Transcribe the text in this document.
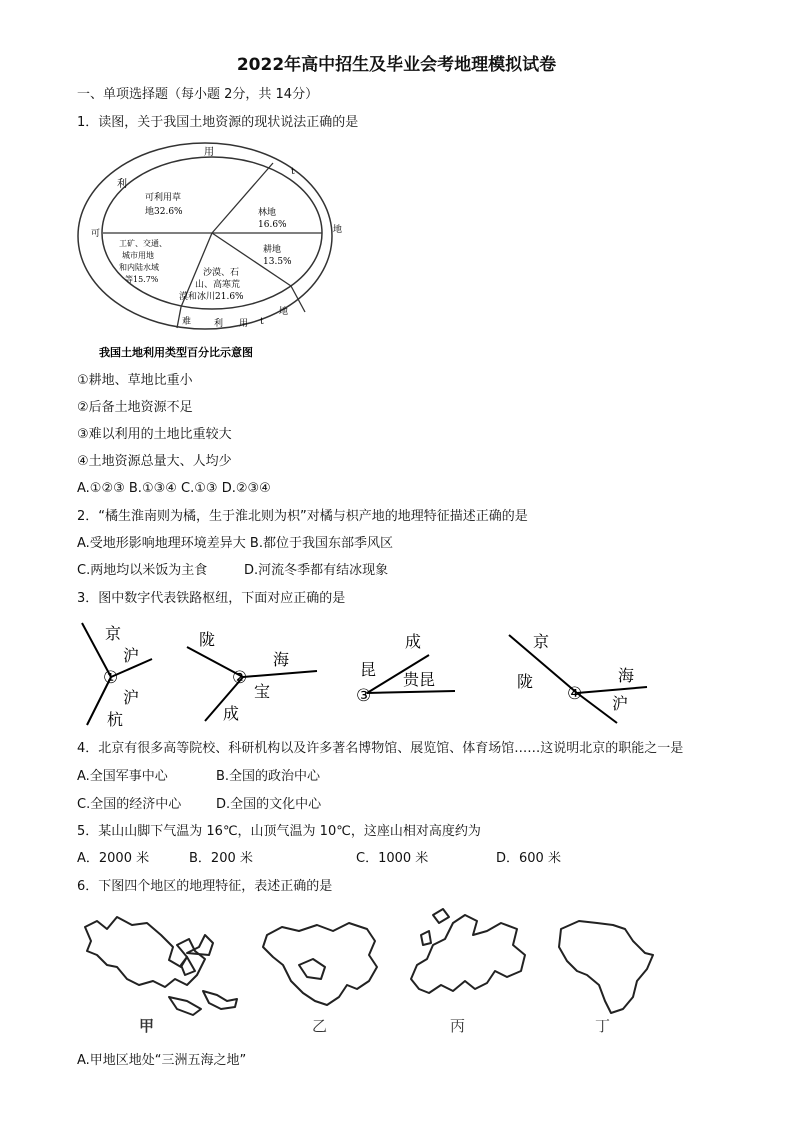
2022年高中招生及毕业会考地理模拟试卷
一、单项选择题（每小题 2分，共 14分）
1．读图，关于我国土地资源的现状说法正确的是
用
t
地
利
可
难	利 用 t
地
可利用草
地32.6%	林地
16.6%
耕地
13.5%
沙漠、石
山、高寒荒
漠和冰川21.6%
工矿、交通、
城市用地
和内陆水域
等15.7%
我国土地利用类型百分比示意图
①耕地、草地比重小
②后备土地资源不足
③难以利用的土地比重较大
④土地资源总量大、人均少
A.①②③ B.①③④ C.①③ D.②③④
2．“橘生淮南则为橘，生于淮北则为枳”对橘与枳产地的地理特征描述正确的是
A.受地形影响地理环境差异大 B.都位于我国东部季风区
C.两地均以米饭为主食	D.河流冬季都有结冰现象
3．图中数字代表铁路枢纽，下面对应正确的是
京
沪
沪
杭
①
陇
海
宝
成
②
成
昆
贵昆
③
京
陇	海
沪
④
4．北京有很多高等院校、科研机构以及许多著名博物馆、展览馆、体育场馆……这说明北京的职能之一是
A.全国军事中心	B.全国的政治中心
C.全国的经济中心	D.全国的文化中心
5．某山山脚下气温为 16℃，山顶气温为 10℃，这座山相对高度约为
A．2000 米	B．200 米	C．1000 米	D．600 米
6．下图四个地区的地理特征，表述正确的是
甲	乙	丙	丁
A.甲地区地处“三洲五海之地”
